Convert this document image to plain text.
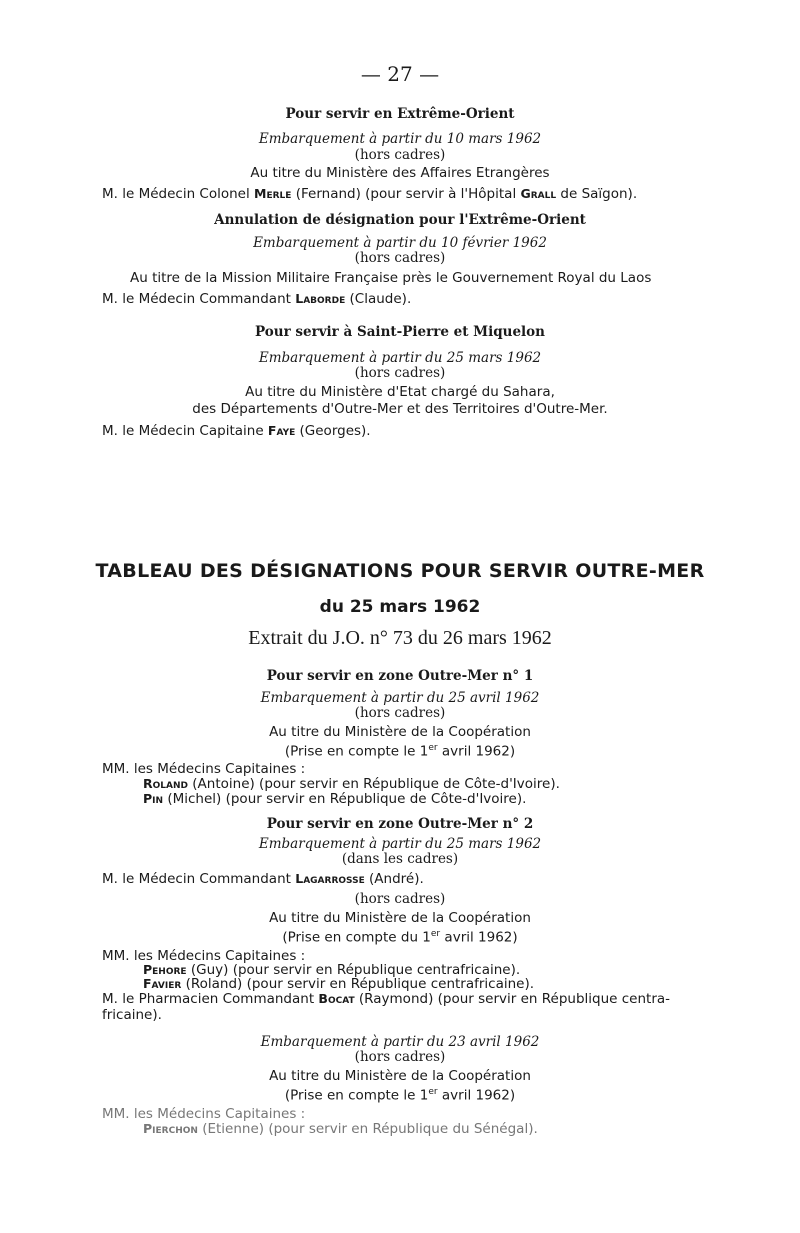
— 27 —
Pour servir en Extrême-Orient
Embarquement à partir du 10 mars 1962
(hors cadres)
Au titre du Ministère des Affaires Etrangères
M. le Médecin Colonel Merle (Fernand) (pour servir à l'Hôpital Grall de Saïgon).
Annulation de désignation pour l'Extrême-Orient
Embarquement à partir du 10 février 1962
(hors cadres)
Au titre de la Mission Militaire Française près le Gouvernement Royal du Laos
M. le Médecin Commandant Laborde (Claude).
Pour servir à Saint-Pierre et Miquelon
Embarquement à partir du 25 mars 1962
(hors cadres)
Au titre du Ministère d'Etat chargé du Sahara,
des Départements d'Outre-Mer et des Territoires d'Outre-Mer.
M. le Médecin Capitaine Faye (Georges).
TABLEAU DES DÉSIGNATIONS POUR SERVIR OUTRE-MER
du 25 mars 1962
Extrait du J.O. n° 73 du 26 mars 1962
Pour servir en zone Outre-Mer n° 1
Embarquement à partir du 25 avril 1962
(hors cadres)
Au titre du Ministère de la Coopération
(Prise en compte le 1er avril 1962)
MM. les Médecins Capitaines :
Roland (Antoine) (pour servir en République de Côte-d'Ivoire).
Pin (Michel) (pour servir en République de Côte-d'Ivoire).
Pour servir en zone Outre-Mer n° 2
Embarquement à partir du 25 mars 1962
(dans les cadres)
M. le Médecin Commandant Lagarrosse (André).
(hors cadres)
Au titre du Ministère de la Coopération
(Prise en compte du 1er avril 1962)
MM. les Médecins Capitaines :
Pehore (Guy) (pour servir en République centrafricaine).
Favier (Roland) (pour servir en République centrafricaine).
M. le Pharmacien Commandant Bocat (Raymond) (pour servir en République centra-
fricaine).
Embarquement à partir du 23 avril 1962
(hors cadres)
Au titre du Ministère de la Coopération
(Prise en compte le 1er avril 1962)
MM. les Médecins Capitaines :
Pierchon (Etienne) (pour servir en République du Sénégal).
